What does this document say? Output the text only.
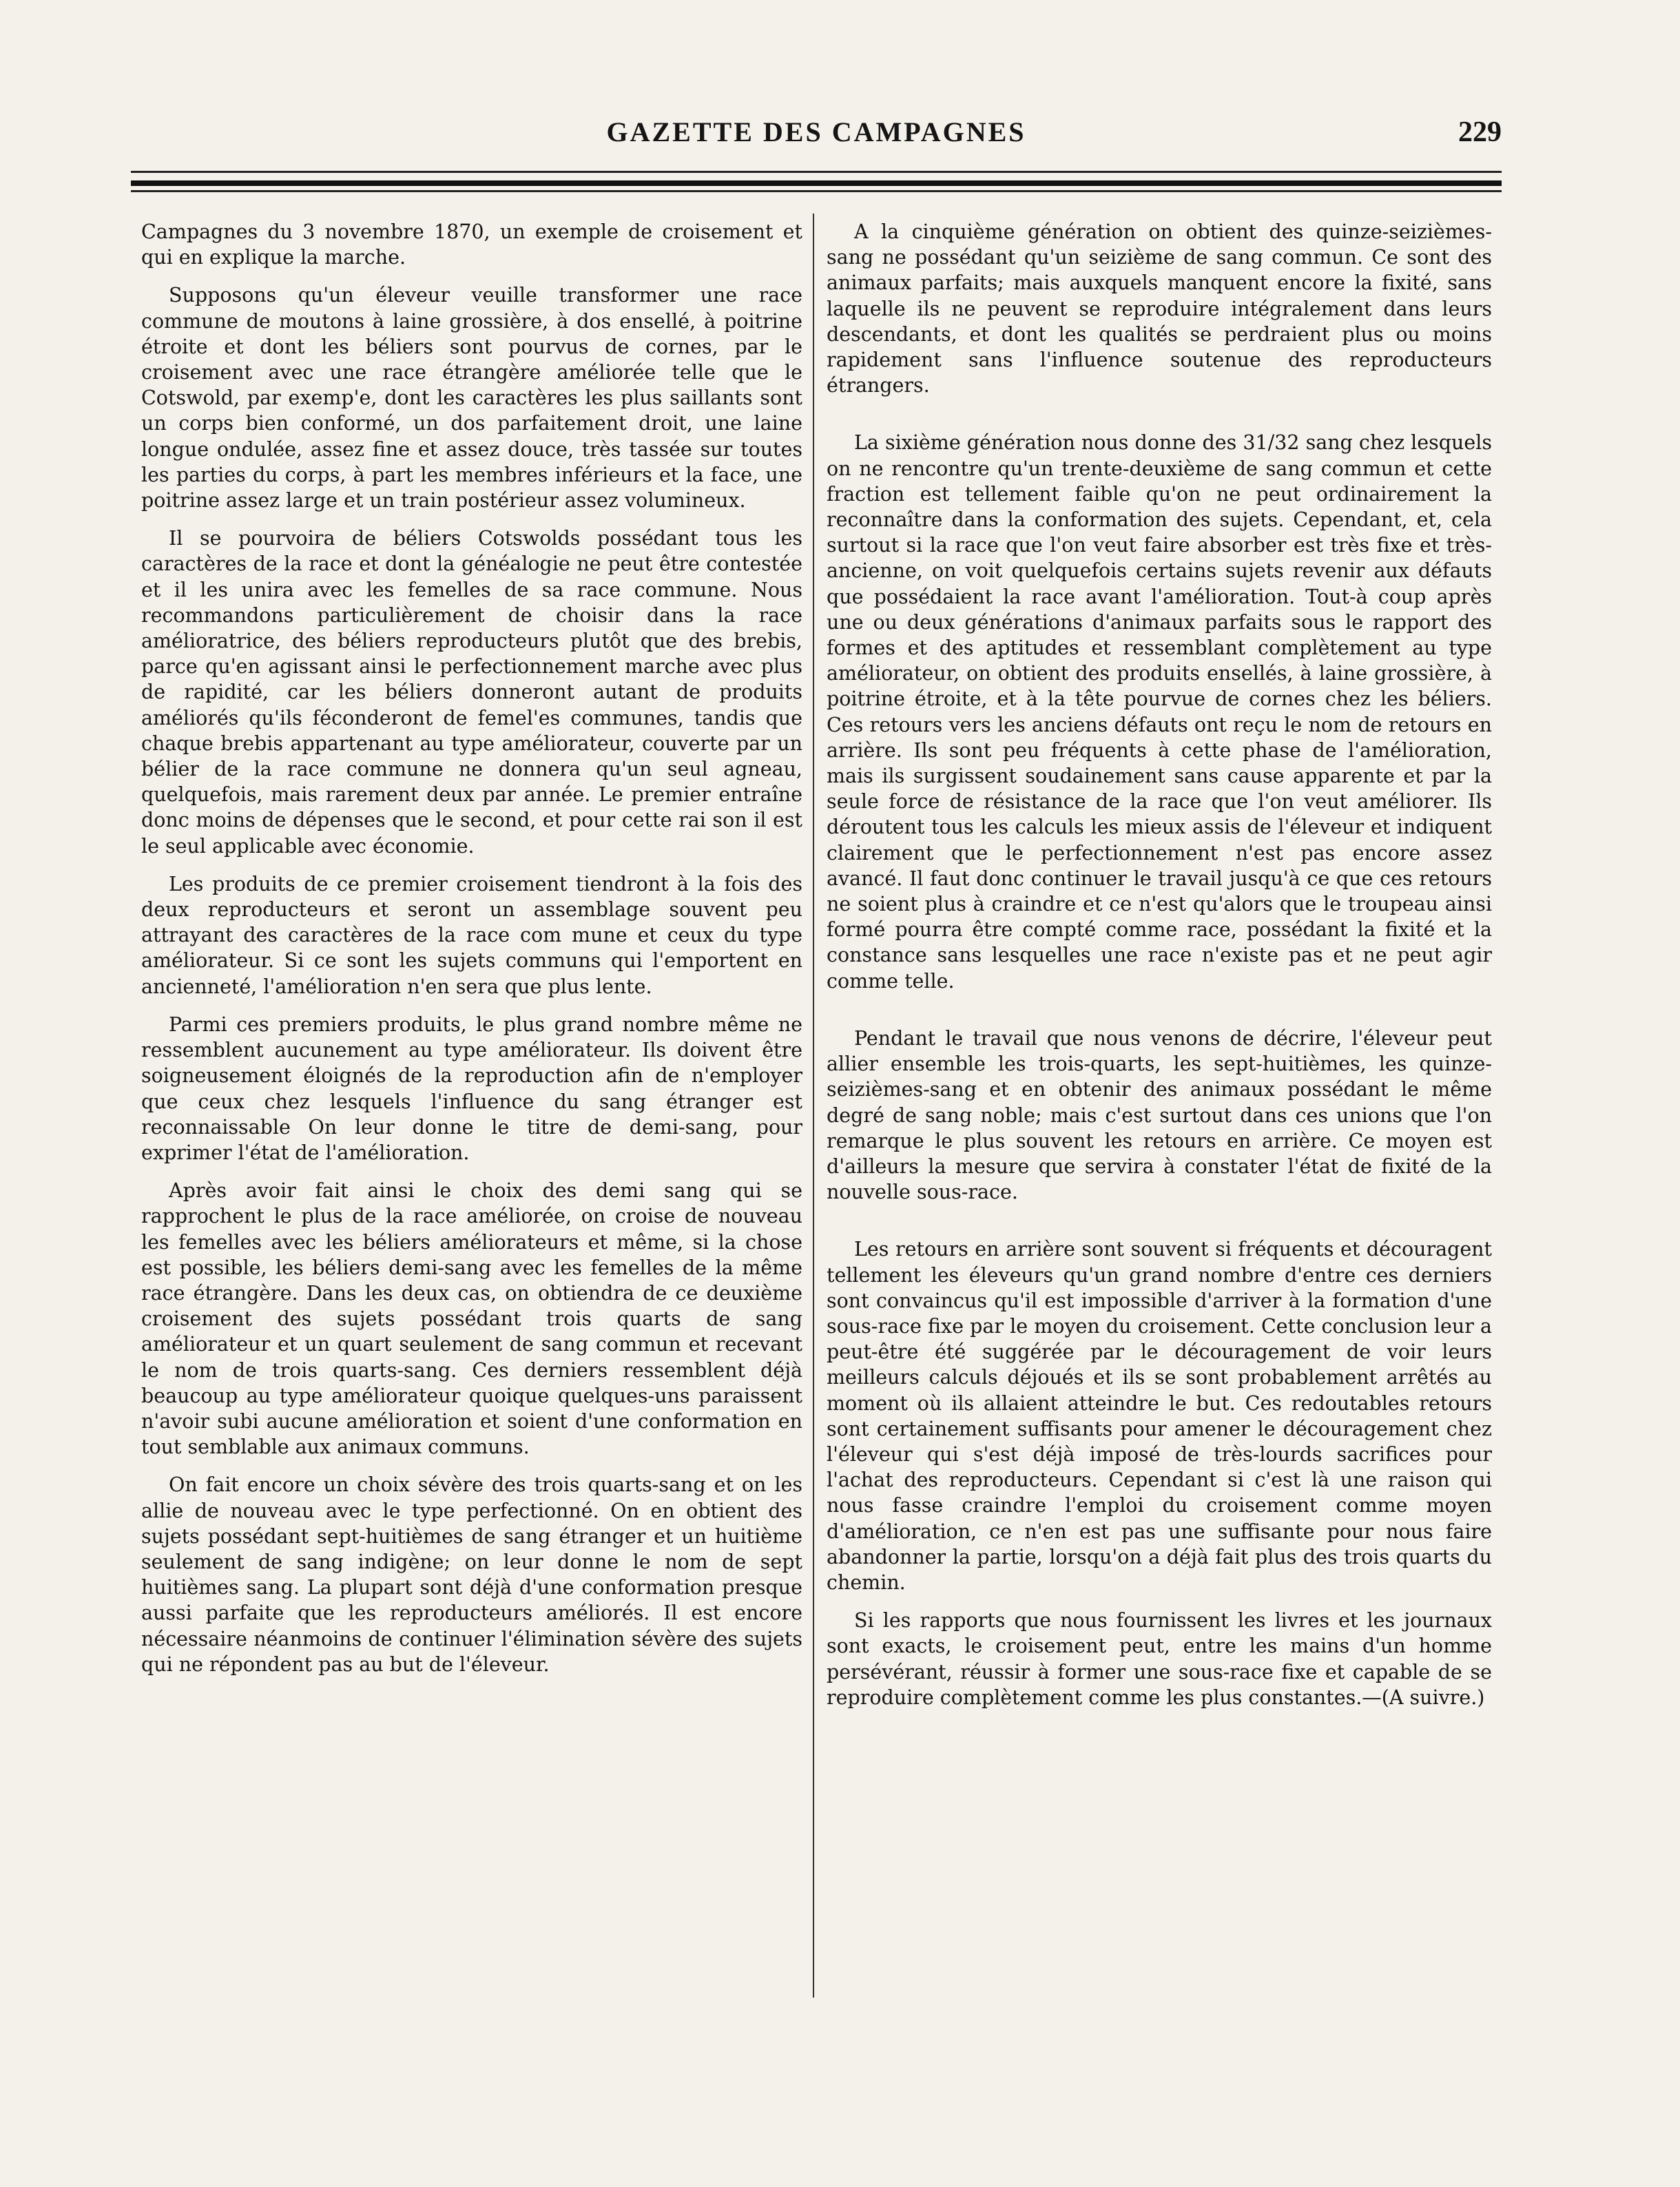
GAZETTE DES CAMPAGNES	229

Campagnes du 3 novembre 1870, un exemple de croisement et qui en explique la marche.

Supposons qu'un éleveur veuille transformer une race commune de moutons à laine grossière, à dos ensellé, à poitrine étroite et dont les béliers sont pourvus de cornes, par le croisement avec une race étrangère améliorée telle que le Cotswold, par exemp'e, dont les caractères les plus saillants sont un corps bien conformé, un dos parfaitement droit, une laine longue ondulée, assez fine et assez douce, très tassée sur toutes les parties du corps, à part les membres inférieurs et la face, une poitrine assez large et un train postérieur assez volumineux.

Il se pourvoira de béliers Cotswolds possédant tous les caractères de la race et dont la généalogie ne peut être contestée et il les unira avec les femelles de sa race commune. Nous recommandons particulièrement de choisir dans la race amélioratrice, des béliers reproducteurs plutôt que des brebis, parce qu'en agissant ainsi le perfectionnement marche avec plus de rapidité, car les béliers donneront autant de produits améliorés qu'ils féconderont de femel'es communes, tandis que chaque brebis appartenant au type améliorateur, couverte par un bélier de la race commune ne donnera qu'un seul agneau, quelquefois, mais rarement deux par année. Le premier entraîne donc moins de dépenses que le second, et pour cette rai son il est le seul applicable avec économie.

Les produits de ce premier croisement tiendront à la fois des deux reproducteurs et seront un assemblage souvent peu attrayant des caractères de la race com mune et ceux du type améliorateur. Si ce sont les sujets communs qui l'emportent en ancienneté, l'amélioration n'en sera que plus lente.

Parmi ces premiers produits, le plus grand nombre même ne ressemblent aucunement au type améliorateur. Ils doivent être soigneusement éloignés de la reproduction afin de n'employer que ceux chez lesquels l'influence du sang étranger est reconnaissable On leur donne le titre de demi-sang, pour exprimer l'état de l'amélioration.

Après avoir fait ainsi le choix des demi sang qui se rapprochent le plus de la race améliorée, on croise de nouveau les femelles avec les béliers améliorateurs et même, si la chose est possible, les béliers demi-sang avec les femelles de la même race étrangère. Dans les deux cas, on obtiendra de ce deuxième croisement des sujets possédant trois quarts de sang améliorateur et un quart seulement de sang commun et recevant le nom de trois quarts-sang. Ces derniers ressemblent déjà beaucoup au type améliorateur quoique quelques-uns paraissent n'avoir subi aucune amélioration et soient d'une conformation en tout semblable aux animaux communs.

On fait encore un choix sévère des trois quarts-sang et on les allie de nouveau avec le type perfectionné. On en obtient des sujets possédant sept-huitièmes de sang étranger et un huitième seulement de sang indigène; on leur donne le nom de sept huitièmes sang. La plupart sont déjà d'une conformation presque aussi parfaite que les reproducteurs améliorés. Il est encore nécessaire néanmoins de continuer l'élimination sévère des sujets qui ne répondent pas au but de l'éleveur.

A la cinquième génération on obtient des quinze-seizièmes-sang ne possédant qu'un seizième de sang commun. Ce sont des animaux parfaits; mais auxquels manquent encore la fixité, sans laquelle ils ne peuvent se reproduire intégralement dans leurs descendants, et dont les qualités se perdraient plus ou moins rapidement sans l'influence soutenue des reproducteurs étrangers.

La sixième génération nous donne des 31/32 sang chez lesquels on ne rencontre qu'un trente-deuxième de sang commun et cette fraction est tellement faible qu'on ne peut ordinairement la reconnaître dans la conformation des sujets. Cependant, et, cela surtout si la race que l'on veut faire absorber est très fixe et très-ancienne, on voit quelquefois certains sujets revenir aux défauts que possédaient la race avant l'amélioration. Tout-à coup après une ou deux générations d'animaux parfaits sous le rapport des formes et des aptitudes et ressemblant complètement au type améliorateur, on obtient des produits ensellés, à laine grossière, à poitrine étroite, et à la tête pourvue de cornes chez les béliers. Ces retours vers les anciens défauts ont reçu le nom de retours en arrière. Ils sont peu fréquents à cette phase de l'amélioration, mais ils surgissent soudainement sans cause apparente et par la seule force de résistance de la race que l'on veut améliorer. Ils déroutent tous les calculs les mieux assis de l'éleveur et indiquent clairement que le perfectionnement n'est pas encore assez avancé. Il faut donc continuer le travail jusqu'à ce que ces retours ne soient plus à craindre et ce n'est qu'alors que le troupeau ainsi formé pourra être compté comme race, possédant la fixité et la constance sans lesquelles une race n'existe pas et ne peut agir comme telle.

Pendant le travail que nous venons de décrire, l'éleveur peut allier ensemble les trois-quarts, les sept-huitièmes, les quinze-seizièmes-sang et en obtenir des animaux possédant le même degré de sang noble; mais c'est surtout dans ces unions que l'on remarque le plus souvent les retours en arrière. Ce moyen est d'ailleurs la mesure que servira à constater l'état de fixité de la nouvelle sous-race.

Les retours en arrière sont souvent si fréquents et découragent tellement les éleveurs qu'un grand nombre d'entre ces derniers sont convaincus qu'il est impossible d'arriver à la formation d'une sous-race fixe par le moyen du croisement. Cette conclusion leur a peut-être été suggérée par le découragement de voir leurs meilleurs calculs déjoués et ils se sont probablement arrêtés au moment où ils allaient atteindre le but. Ces redoutables retours sont certainement suffisants pour amener le découragement chez l'éleveur qui s'est déjà imposé de très-lourds sacrifices pour l'achat des reproducteurs. Cependant si c'est là une raison qui nous fasse craindre l'emploi du croisement comme moyen d'amélioration, ce n'en est pas une suffisante pour nous faire abandonner la partie, lorsqu'on a déjà fait plus des trois quarts du chemin.

Si les rapports que nous fournissent les livres et les journaux sont exacts, le croisement peut, entre les mains d'un homme persévérant, réussir à former une sous-race fixe et capable de se reproduire complètement comme les plus constantes.—(A suivre.)
